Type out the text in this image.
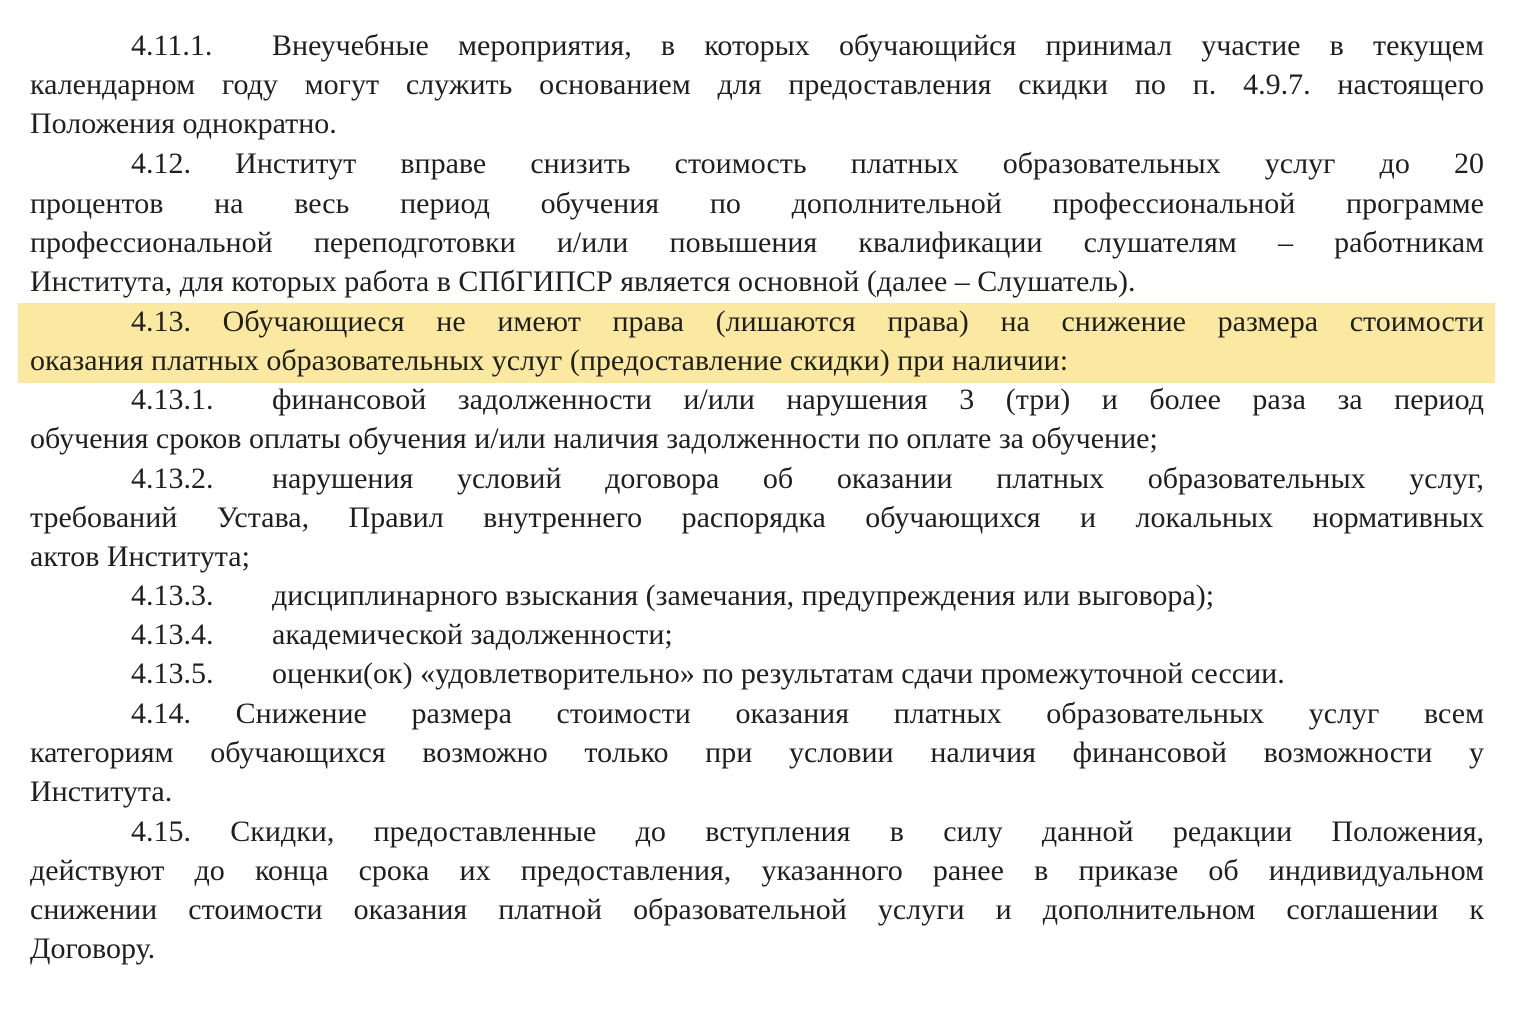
4.11.1.	Внеучебные мероприятия, в которых обучающийся принимал участие в текущем
календарном году могут служить основанием для предоставления скидки по п. 4.9.7. настоящего
Положения однократно.
4.12. Институт вправе снизить стоимость платных образовательных услуг до 20
процентов на весь период обучения по дополнительной профессиональной программе
профессиональной переподготовки и/или повышения квалификации слушателям – работникам
Института, для которых работа в СПбГИПСР является основной (далее – Слушатель).
4.13. Обучающиеся не имеют права (лишаются права) на снижение размера стоимости
оказания платных образовательных услуг (предоставление скидки) при наличии:
4.13.1.	финансовой задолженности и/или нарушения 3 (три) и более раза за период
обучения сроков оплаты обучения и/или наличия задолженности по оплате за обучение;
4.13.2.	нарушения условий договора об оказании платных образовательных услуг,
требований Устава, Правил внутреннего распорядка обучающихся и локальных нормативных
актов Института;
4.13.3.	дисциплинарного взыскания (замечания, предупреждения или выговора);
4.13.4.	академической задолженности;
4.13.5.	оценки(ок) «удовлетворительно» по результатам сдачи промежуточной сессии.
4.14. Снижение размера стоимости оказания платных образовательных услуг всем
категориям обучающихся возможно только при условии наличия финансовой возможности у
Института.
4.15. Скидки, предоставленные до вступления в силу данной редакции Положения,
действуют до конца срока их предоставления, указанного ранее в приказе об индивидуальном
снижении стоимости оказания платной образовательной услуги и дополнительном соглашении к
Договору.
